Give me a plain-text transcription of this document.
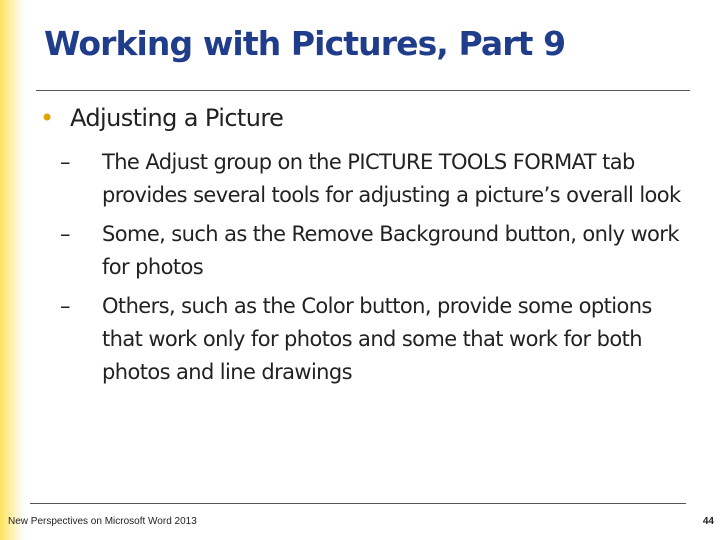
Working with Pictures, Part 9
• Adjusting a Picture
–	The Adjust group on the PICTURE TOOLS FORMAT tab provides several tools for adjusting a picture’s overall look
–	Some, such as the Remove Background button, only work for photos
–	Others, such as the Color button, provide some options that work only for photos and some that work for both photos and line drawings
New Perspectives on Microsoft Word 2013	44
